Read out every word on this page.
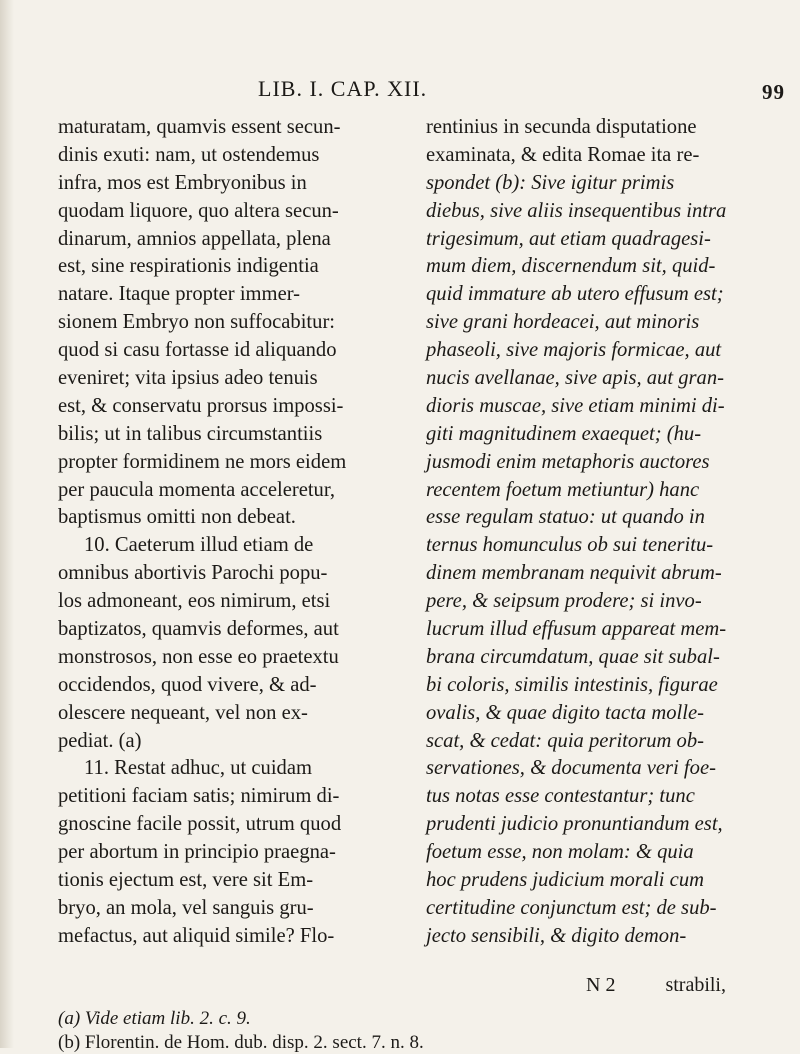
LIB. I. CAP. XII.	99
maturatam, quamvis essent secun-
dinis exuti: nam, ut ostendemus
infra, mos est Embryonibus in
quodam liquore, quo altera secun-
dinarum, amnios appellata, plena
est, sine respirationis indigentia
natare. Itaque propter immer-
sionem Embryo non suffocabitur:
quod si casu fortasse id aliquando
eveniret; vita ipsius adeo tenuis
est, & conservatu prorsus impossi-
bilis; ut in talibus circumstantiis
propter formidinem ne mors eidem
per paucula momenta acceleretur,
baptismus omitti non debeat.
10. Caeterum illud etiam de
omnibus abortivis Parochi popu-
los admoneant, eos nimirum, etsi
baptizatos, quamvis deformes, aut
monstrosos, non esse eo praetextu
occidendos, quod vivere, & ad-
olescere nequeant, vel non ex-
pediat. (a)
11. Restat adhuc, ut cuidam
petitioni faciam satis; nimirum di-
gnoscine facile possit, utrum quod
per abortum in principio praegna-
tionis ejectum est, vere sit Em-
bryo, an mola, vel sanguis gru-
mefactus, aut aliquid simile? Flo-
rentinius in secunda disputatione
examinata, & edita Romae ita re-
spondet (b): Sive igitur primis
diebus, sive aliis insequentibus intra
trigesimum, aut etiam quadragesi-
mum diem, discernendum sit, quid-
quid immature ab utero effusum est;
sive grani hordeacei, aut minoris
phaseoli, sive majoris formicae, aut
nucis avellanae, sive apis, aut gran-
dioris muscae, sive etiam minimi di-
giti magnitudinem exaequet; (hu-
jusmodi enim metaphoris auctores
recentem foetum metiuntur) hanc
esse regulam statuo: ut quando in
ternus homunculus ob sui teneritu-
dinem membranam nequivit abrum-
pere, & seipsum prodere; si invo-
lucrum illud effusum appareat mem-
brana circumdatum, quae sit subal-
bi coloris, similis intestinis, figurae
ovalis, & quae digito tacta molle-
scat, & cedat: quia peritorum ob-
servationes, & documenta veri foe-
tus notas esse contestantur; tunc
prudenti judicio pronuntiandum est,
foetum esse, non molam: & quia
hoc prudens judicium morali cum
certitudine conjunctum est; de sub-
jecto sensibili, & digito demon-
N 2          strabili,
(a) Vide etiam lib. 2. c. 9.
(b) Florentin. de Hom. dub. disp. 2. sect. 7. n. 8.
